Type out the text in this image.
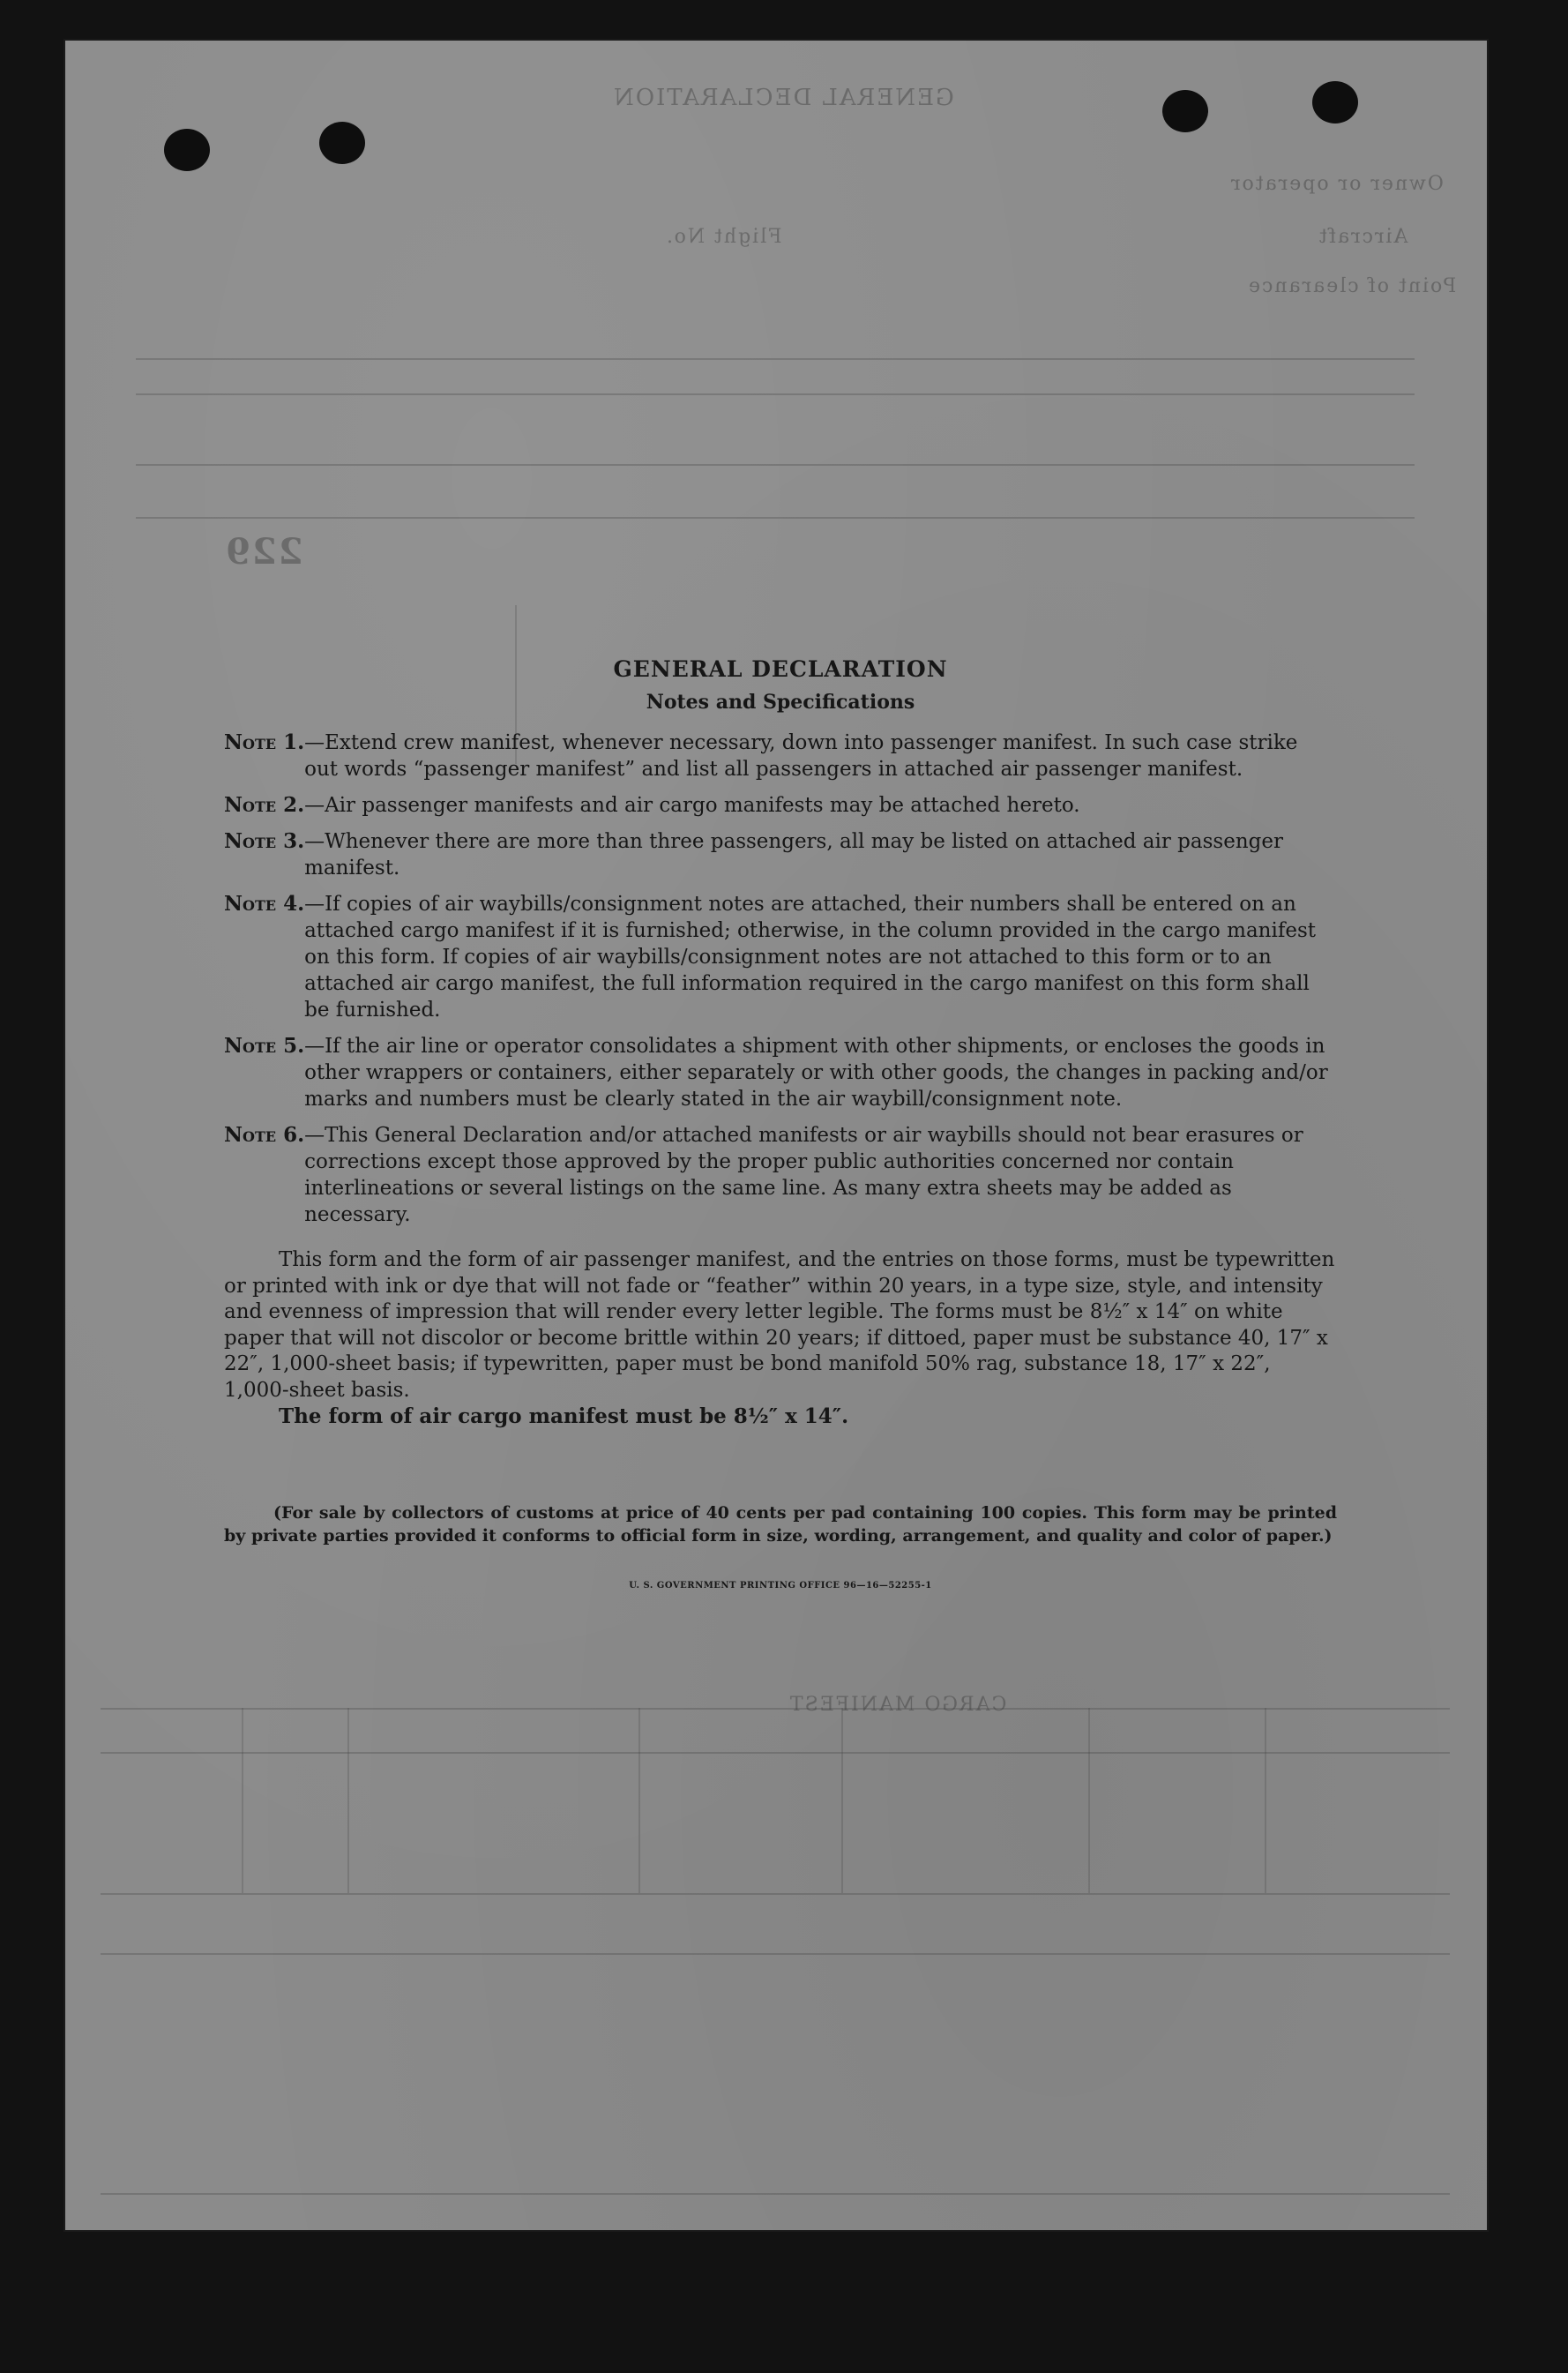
GENERAL DECLARATION
Owner or operator
Aircraft
Flight No.
Point of clearance
CARGO MANIFEST
229
GENERAL DECLARATION
Notes and Specifications
Note 1. —Extend crew manifest, whenever necessary, down into passenger manifest. In such case strike out words “passenger manifest” and list all passengers in attached air passenger manifest.
Note 2. —Air passenger manifests and air cargo manifests may be attached hereto.
Note 3. —Whenever there are more than three passengers, all may be listed on attached air passenger manifest.
Note 4. —If copies of air waybills/consignment notes are attached, their numbers shall be entered on an attached cargo manifest if it is furnished; otherwise, in the column provided in the cargo manifest on this form. If copies of air waybills/consignment notes are not attached to this form or to an attached air cargo manifest, the full information required in the cargo manifest on this form shall be furnished.
Note 5. —If the air line or operator consolidates a shipment with other shipments, or encloses the goods in other wrappers or containers, either separately or with other goods, the changes in packing and/or marks and numbers must be clearly stated in the air waybill/consignment note.
Note 6. —This General Declaration and/or attached manifests or air waybills should not bear erasures or corrections except those approved by the proper public authorities concerned nor contain interlineations or several listings on the same line. As many extra sheets may be added as necessary.
This form and the form of air passenger manifest, and the entries on those forms, must be typewritten or printed with ink or dye that will not fade or “feather” within 20 years, in a type size, style, and intensity and evenness of impression that will render every letter legible. The forms must be 8½″ x 14″ on white paper that will not discolor or become brittle within 20 years; if dittoed, paper must be substance 40, 17″ x 22″, 1,000-sheet basis; if typewritten, paper must be bond manifold 50% rag, substance 18, 17″ x 22″, 1,000-sheet basis.
The form of air cargo manifest must be 8½″ x 14″.
(For sale by collectors of customs at price of 40 cents per pad containing 100 copies. This form may be printed by private parties provided it conforms to official form in size, wording, arrangement, and quality and color of paper.)
U. S. GOVERNMENT PRINTING OFFICE 96—16—52255-1
